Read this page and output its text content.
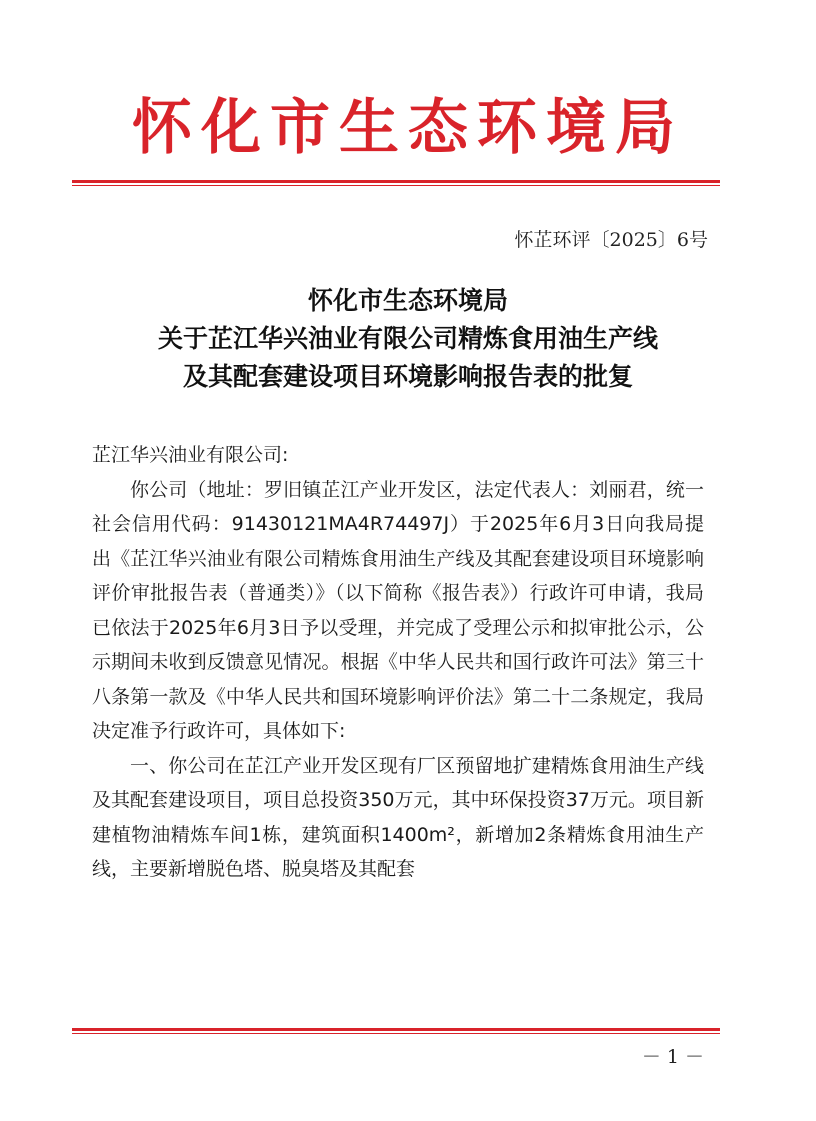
怀化市生态环境局
怀芷环评〔2025〕6号
怀化市生态环境局
关于芷江华兴油业有限公司精炼食用油生产线
及其配套建设项目环境影响报告表的批复

芷江华兴油业有限公司:

你公司（地址：罗旧镇芷江产业开发区，法定代表人：刘丽君，统一社会信用代码：91430121MA4R74497J）于2025年6月3日向我局提出《芷江华兴油业有限公司精炼食用油生产线及其配套建设项目环境影响评价审批报告表（普通类）》（以下简称《报告表》）行政许可申请，我局已依法于2025年6月3日予以受理，并完成了受理公示和拟审批公示，公示期间未收到反馈意见情况。根据《中华人民共和国行政许可法》第三十八条第一款及《中华人民共和国环境影响评价法》第二十二条规定，我局决定准予行政许可，具体如下:

一、你公司在芷江产业开发区现有厂区预留地扩建精炼食用油生产线及其配套建设项目，项目总投资350万元，其中环保投资37万元。项目新建植物油精炼车间1栋，建筑面积1400m²，新增加2条精炼食用油生产线，主要新增脱色塔、脱臭塔及其配套

－ 1 －
